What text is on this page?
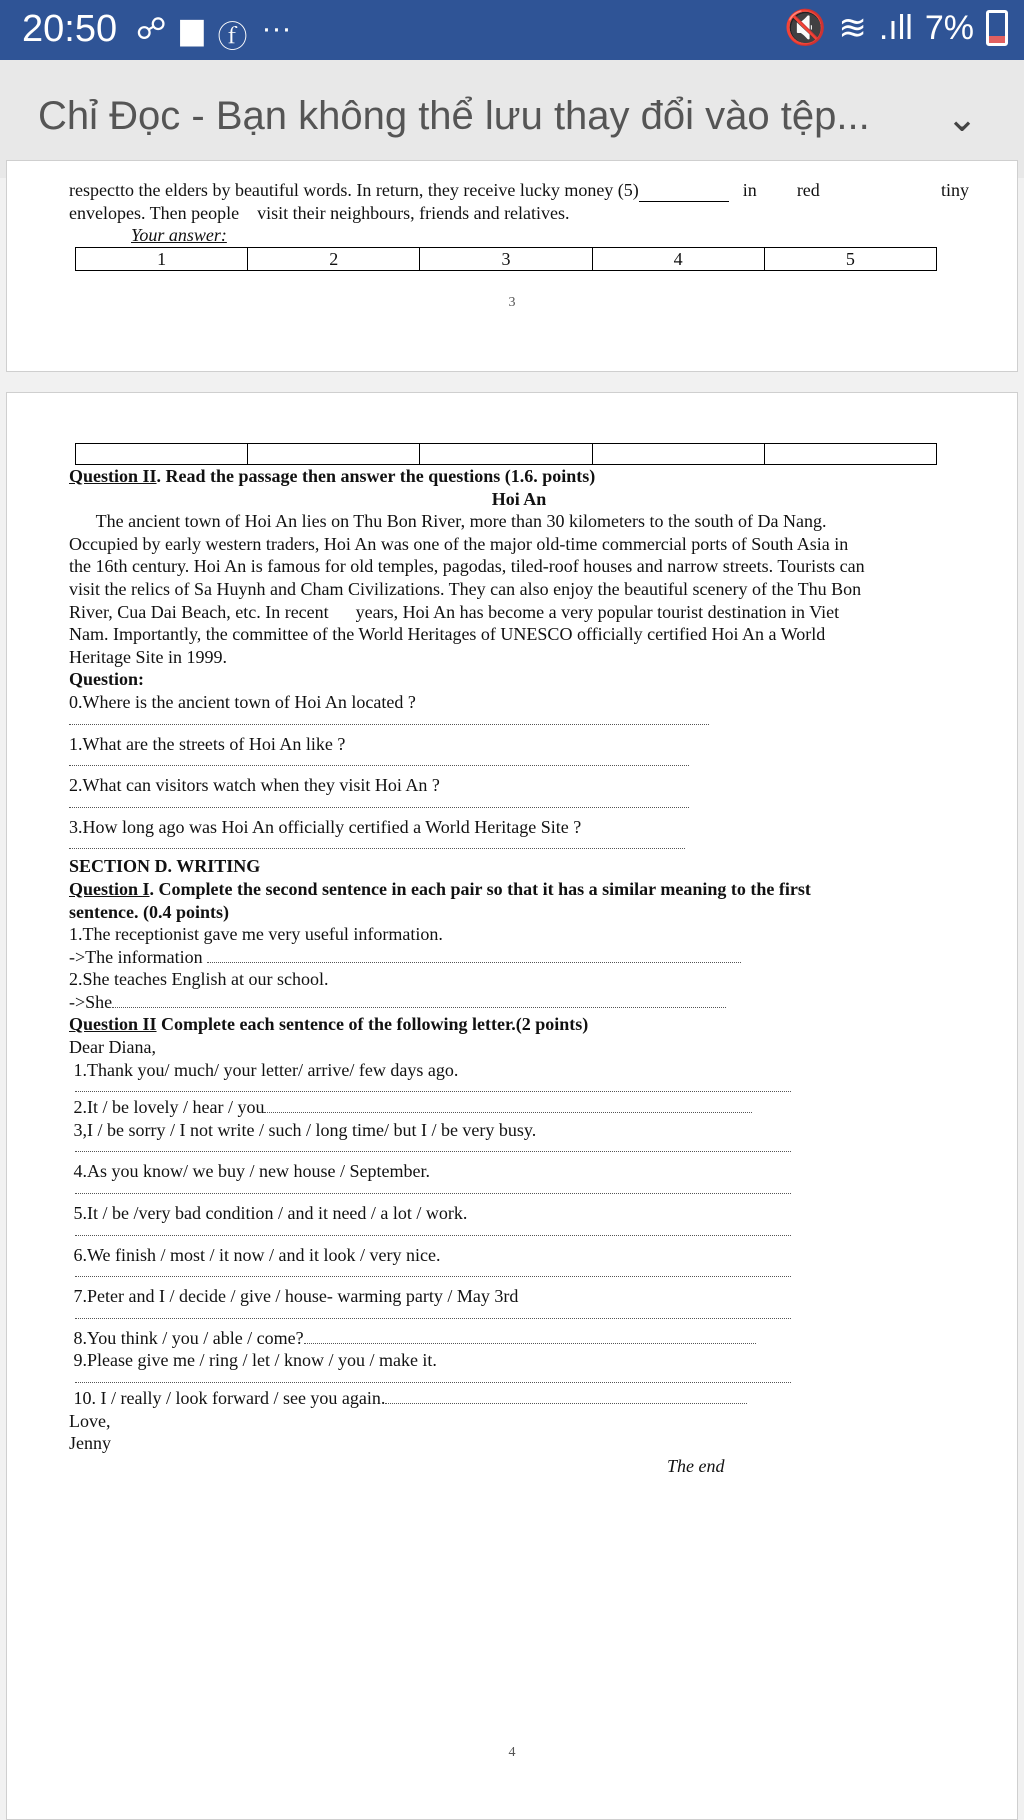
20:50 ☍ ▆ ⓕ ···	🔇 ≋ .ıll 7%
Chỉ Đọc - Bạn không thể lưu thay đổi vào tệp... ⌄
respectto the elders by beautiful words. In return, they receive lucky money (5)	in red	tiny
envelopes. Then people    visit their neighbours, friends and relatives.
Your answer:
1	2	3	4	5
3

Question II. Read the passage then answer the questions (1.6. points)
Hoi An
The ancient town of Hoi An lies on Thu Bon River, more than 30 kilometers to the south of Da Nang.
Occupied by early western traders, Hoi An was one of the major old-time commercial ports of South Asia in
the 16th century. Hoi An is famous for old temples, pagodas, tiled-roof houses and narrow streets. Tourists can
visit the relics of Sa Huynh and Cham Civilizations. They can also enjoy the beautiful scenery of the Thu Bon
River, Cua Dai Beach, etc. In recent      years, Hoi An has become a very popular tourist destination in Viet
Nam. Importantly, the committee of the World Heritages of UNESCO officially certified Hoi An a World
Heritage Site in 1999.
Question:
0.Where is the ancient town of Hoi An located ?
1.What are the streets of Hoi An like ?
2.What can visitors watch when they visit Hoi An ?
3.How long ago was Hoi An officially certified a World Heritage Site ?
SECTION D. WRITING
Question I . Complete the second sentence in each pair so that it has a similar meaning to the first
sentence. (0.4 points)
1.The receptionist gave me very useful information.
->The information
2.She teaches English at our school.
->She
Question II Complete each sentence of the following letter.(2 points)
Dear Diana,
1.Thank you/ much/ your letter/ arrive/ few days ago.
2.It / be lovely / hear / you
3,I / be sorry / I not write / such / long time/ but I / be very busy.
4.As you know/ we buy / new house / September.
5.It / be /very bad condition / and it need / a lot / work.
6.We finish / most / it now / and it look / very nice.
7.Peter and I / decide / give / house- warming party / May 3rd
8.You think / you / able / come?
9.Please give me / ring / let / know / you / make it.
10. I / really / look forward / see you again.
Love,
Jenny
The end
4
